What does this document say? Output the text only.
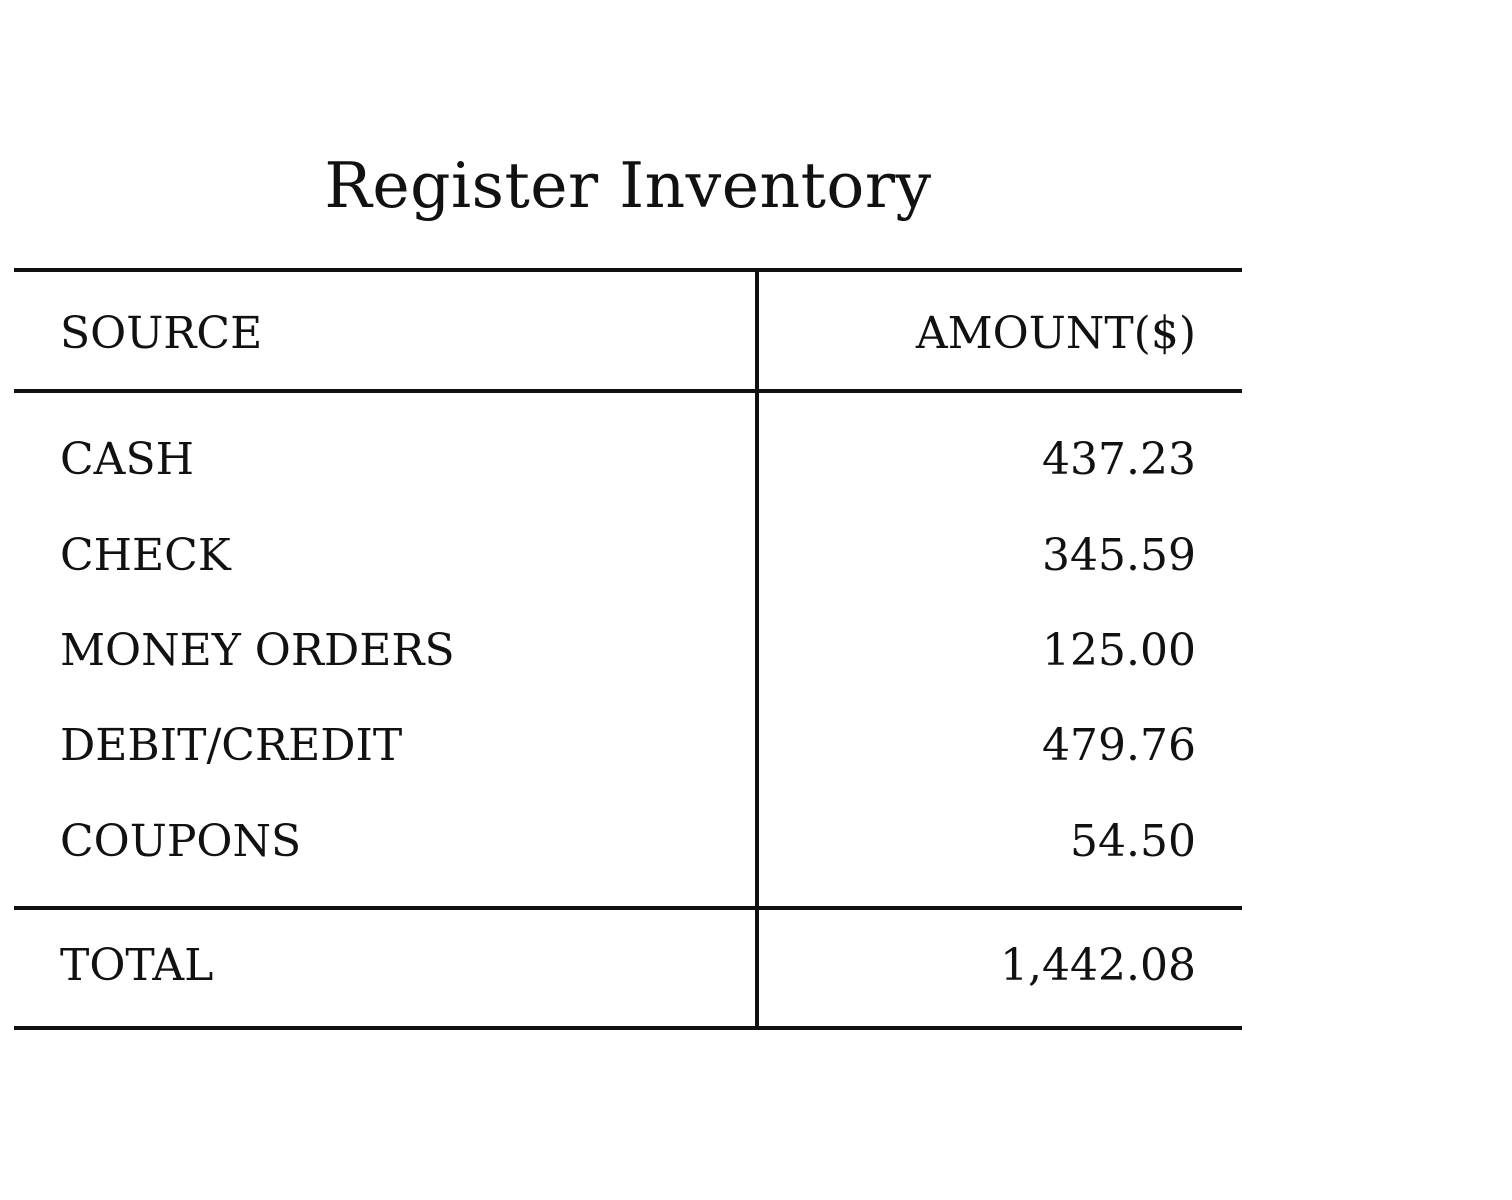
Register Inventory
SOURCE	AMOUNT($)
CASH	437.23
CHECK	345.59
MONEY ORDERS	125.00
DEBIT/CREDIT	479.76
COUPONS	54.50
TOTAL	1,442.08
